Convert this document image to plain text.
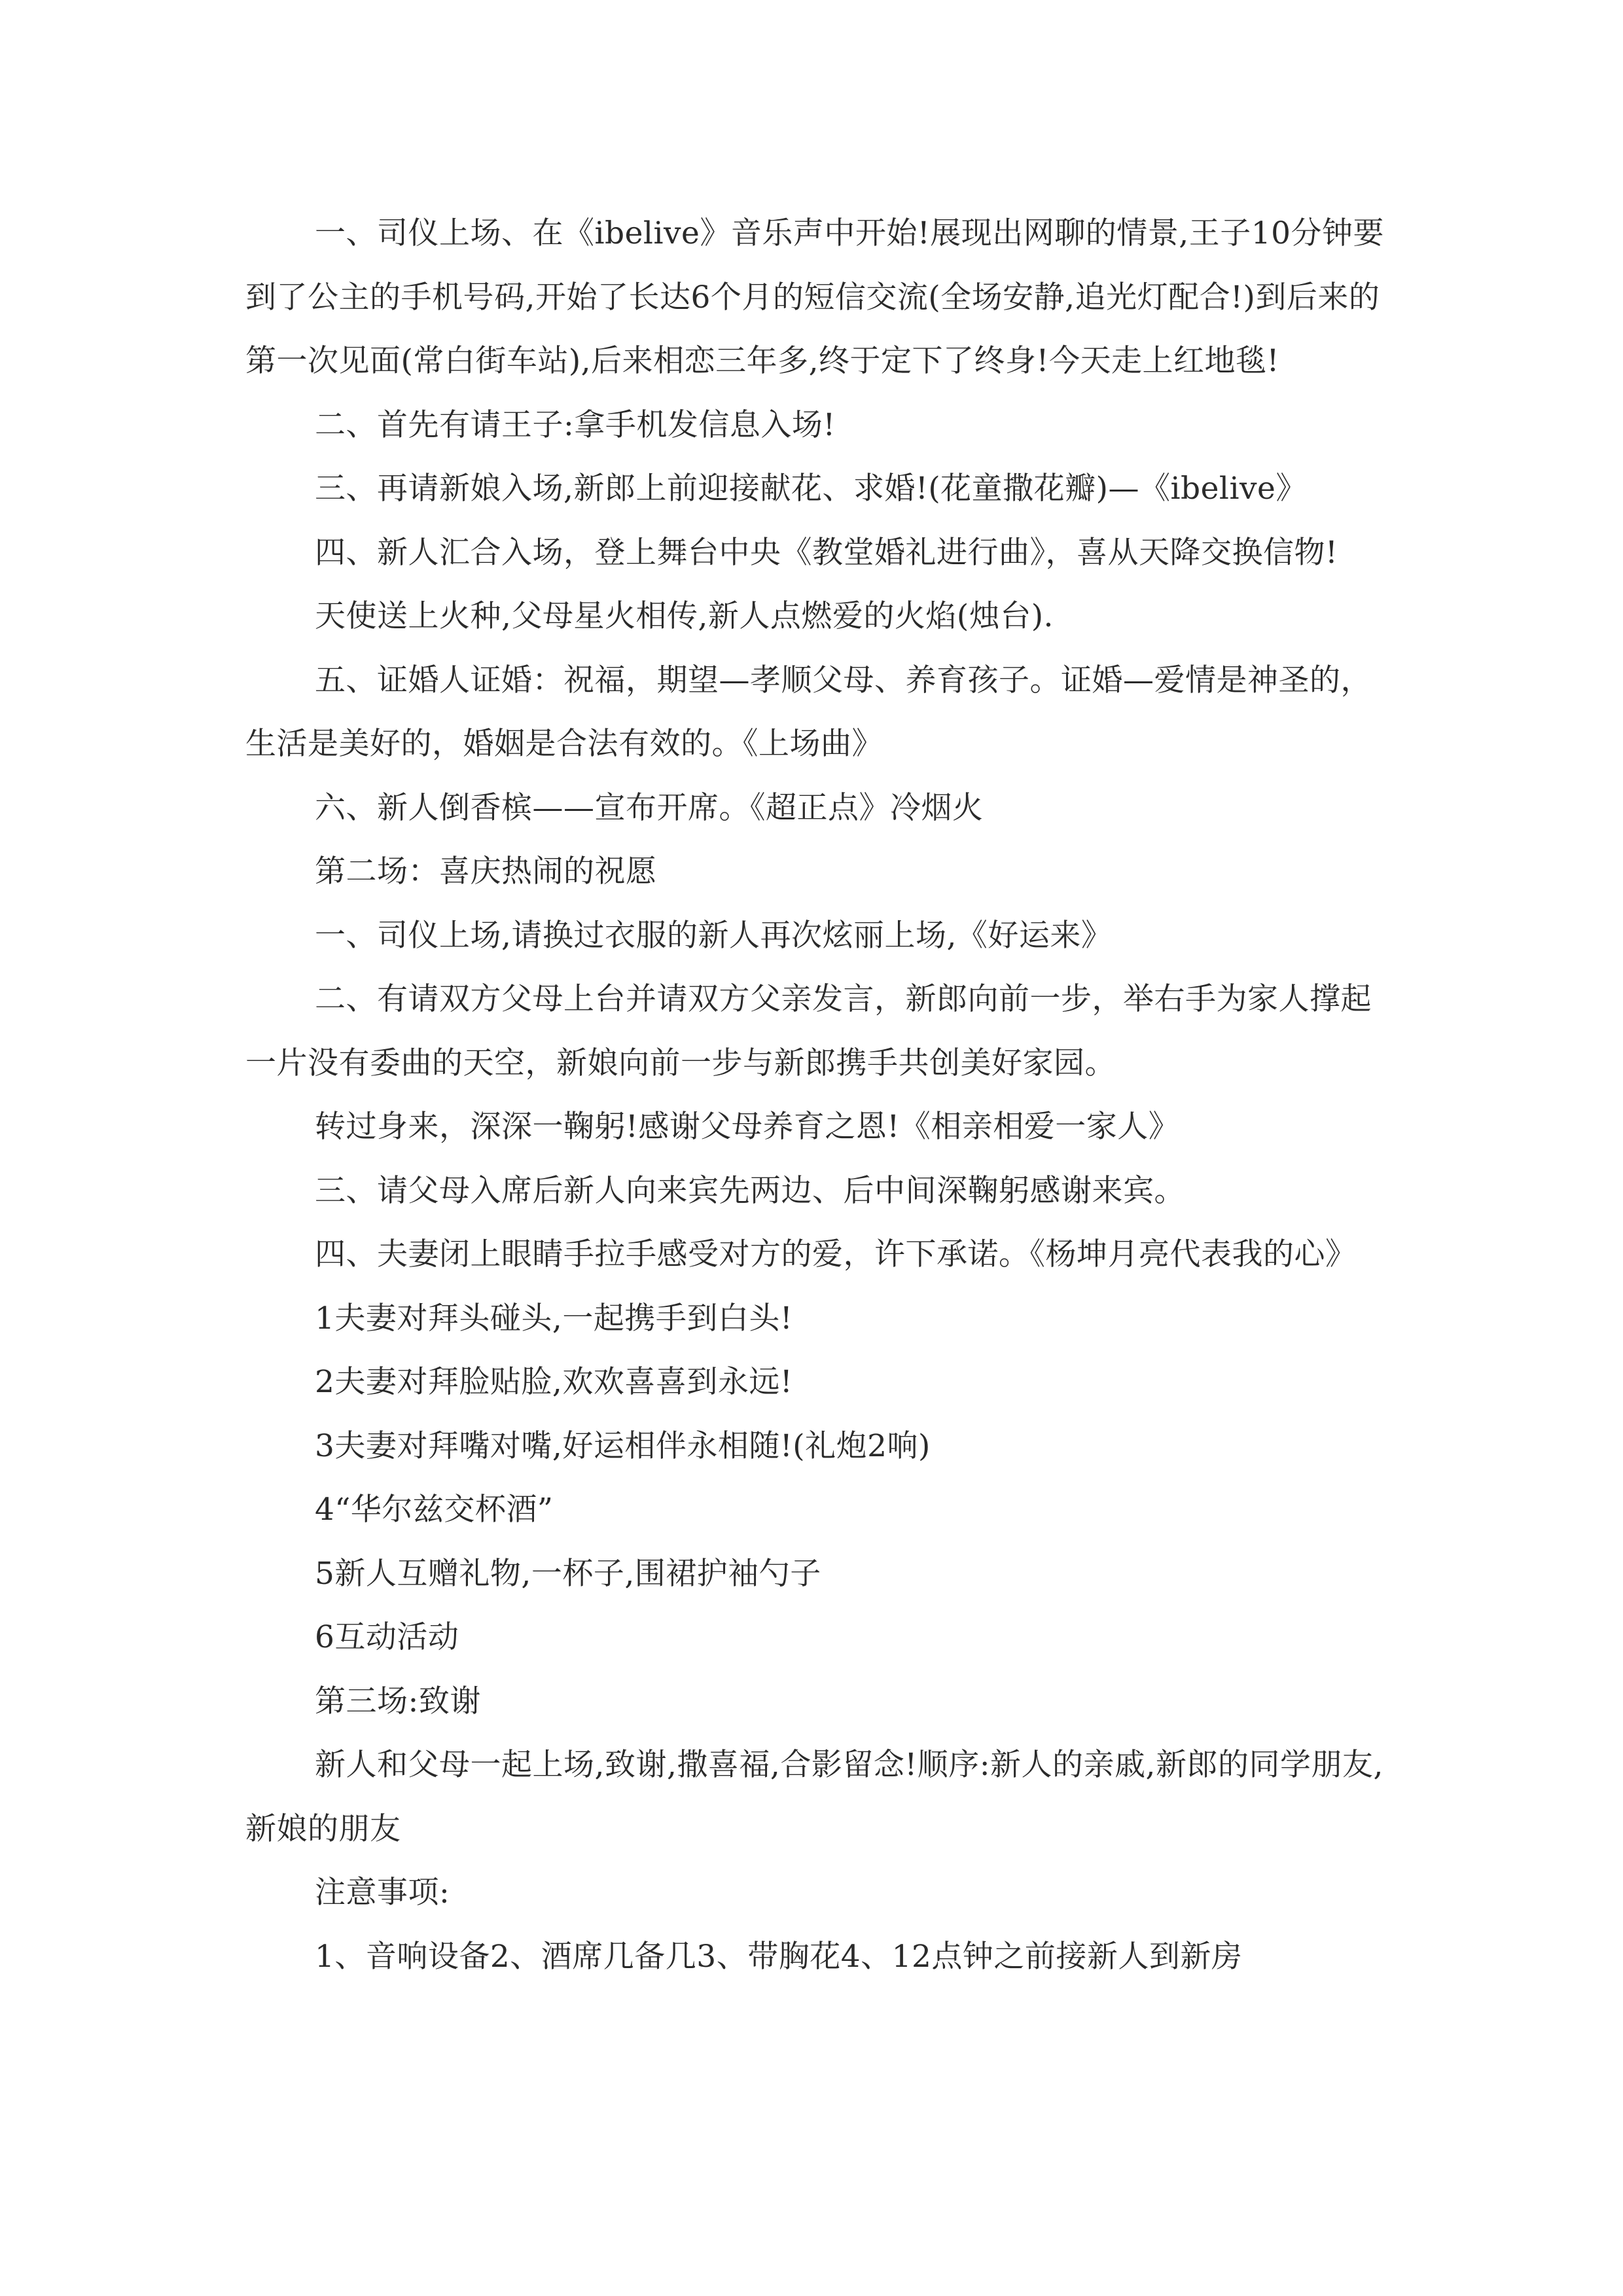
一、司仪上场、在《ibelive》音乐声中开始!展现出网聊的情景,王子10分钟要到了公主的手机号码,开始了长达6个月的短信交流(全场安静,追光灯配合!)到后来的第一次见面(常白街车站),后来相恋三年多,终于定下了终身!今天走上红地毯!

二、首先有请王子:拿手机发信息入场!

三、再请新娘入场,新郎上前迎接献花、求婚!(花童撒花瓣)—《ibelive》

四、新人汇合入场，登上舞台中央《教堂婚礼进行曲》，喜从天降交换信物!

天使送上火种,父母星火相传,新人点燃爱的火焰(烛台).

五、证婚人证婚：祝福，期望—孝顺父母、养育孩子。证婚—爱情是神圣的，生活是美好的，婚姻是合法有效的。《上场曲》

六、新人倒香槟——宣布开席。《超正点》冷烟火

第二场：喜庆热闹的祝愿

一、司仪上场,请换过衣服的新人再次炫丽上场,《好运来》

二、有请双方父母上台并请双方父亲发言，新郎向前一步，举右手为家人撑起一片没有委曲的天空，新娘向前一步与新郎携手共创美好家园。

转过身来，深深一鞠躬!感谢父母养育之恩!《相亲相爱一家人》

三、请父母入席后新人向来宾先两边、后中间深鞠躬感谢来宾。

四、夫妻闭上眼睛手拉手感受对方的爱，许下承诺。《杨坤月亮代表我的心》

1夫妻对拜头碰头,一起携手到白头!

2夫妻对拜脸贴脸,欢欢喜喜到永远!

3夫妻对拜嘴对嘴,好运相伴永相随!(礼炮2响)

4“华尔兹交杯酒”

5新人互赠礼物,一杯子,围裙护袖勺子

6互动活动

第三场:致谢

新人和父母一起上场,致谢,撒喜福,合影留念!顺序:新人的亲戚,新郎的同学朋友,新娘的朋友

注意事项:

1、音响设备2、酒席几备几3、带胸花4、12点钟之前接新人到新房
